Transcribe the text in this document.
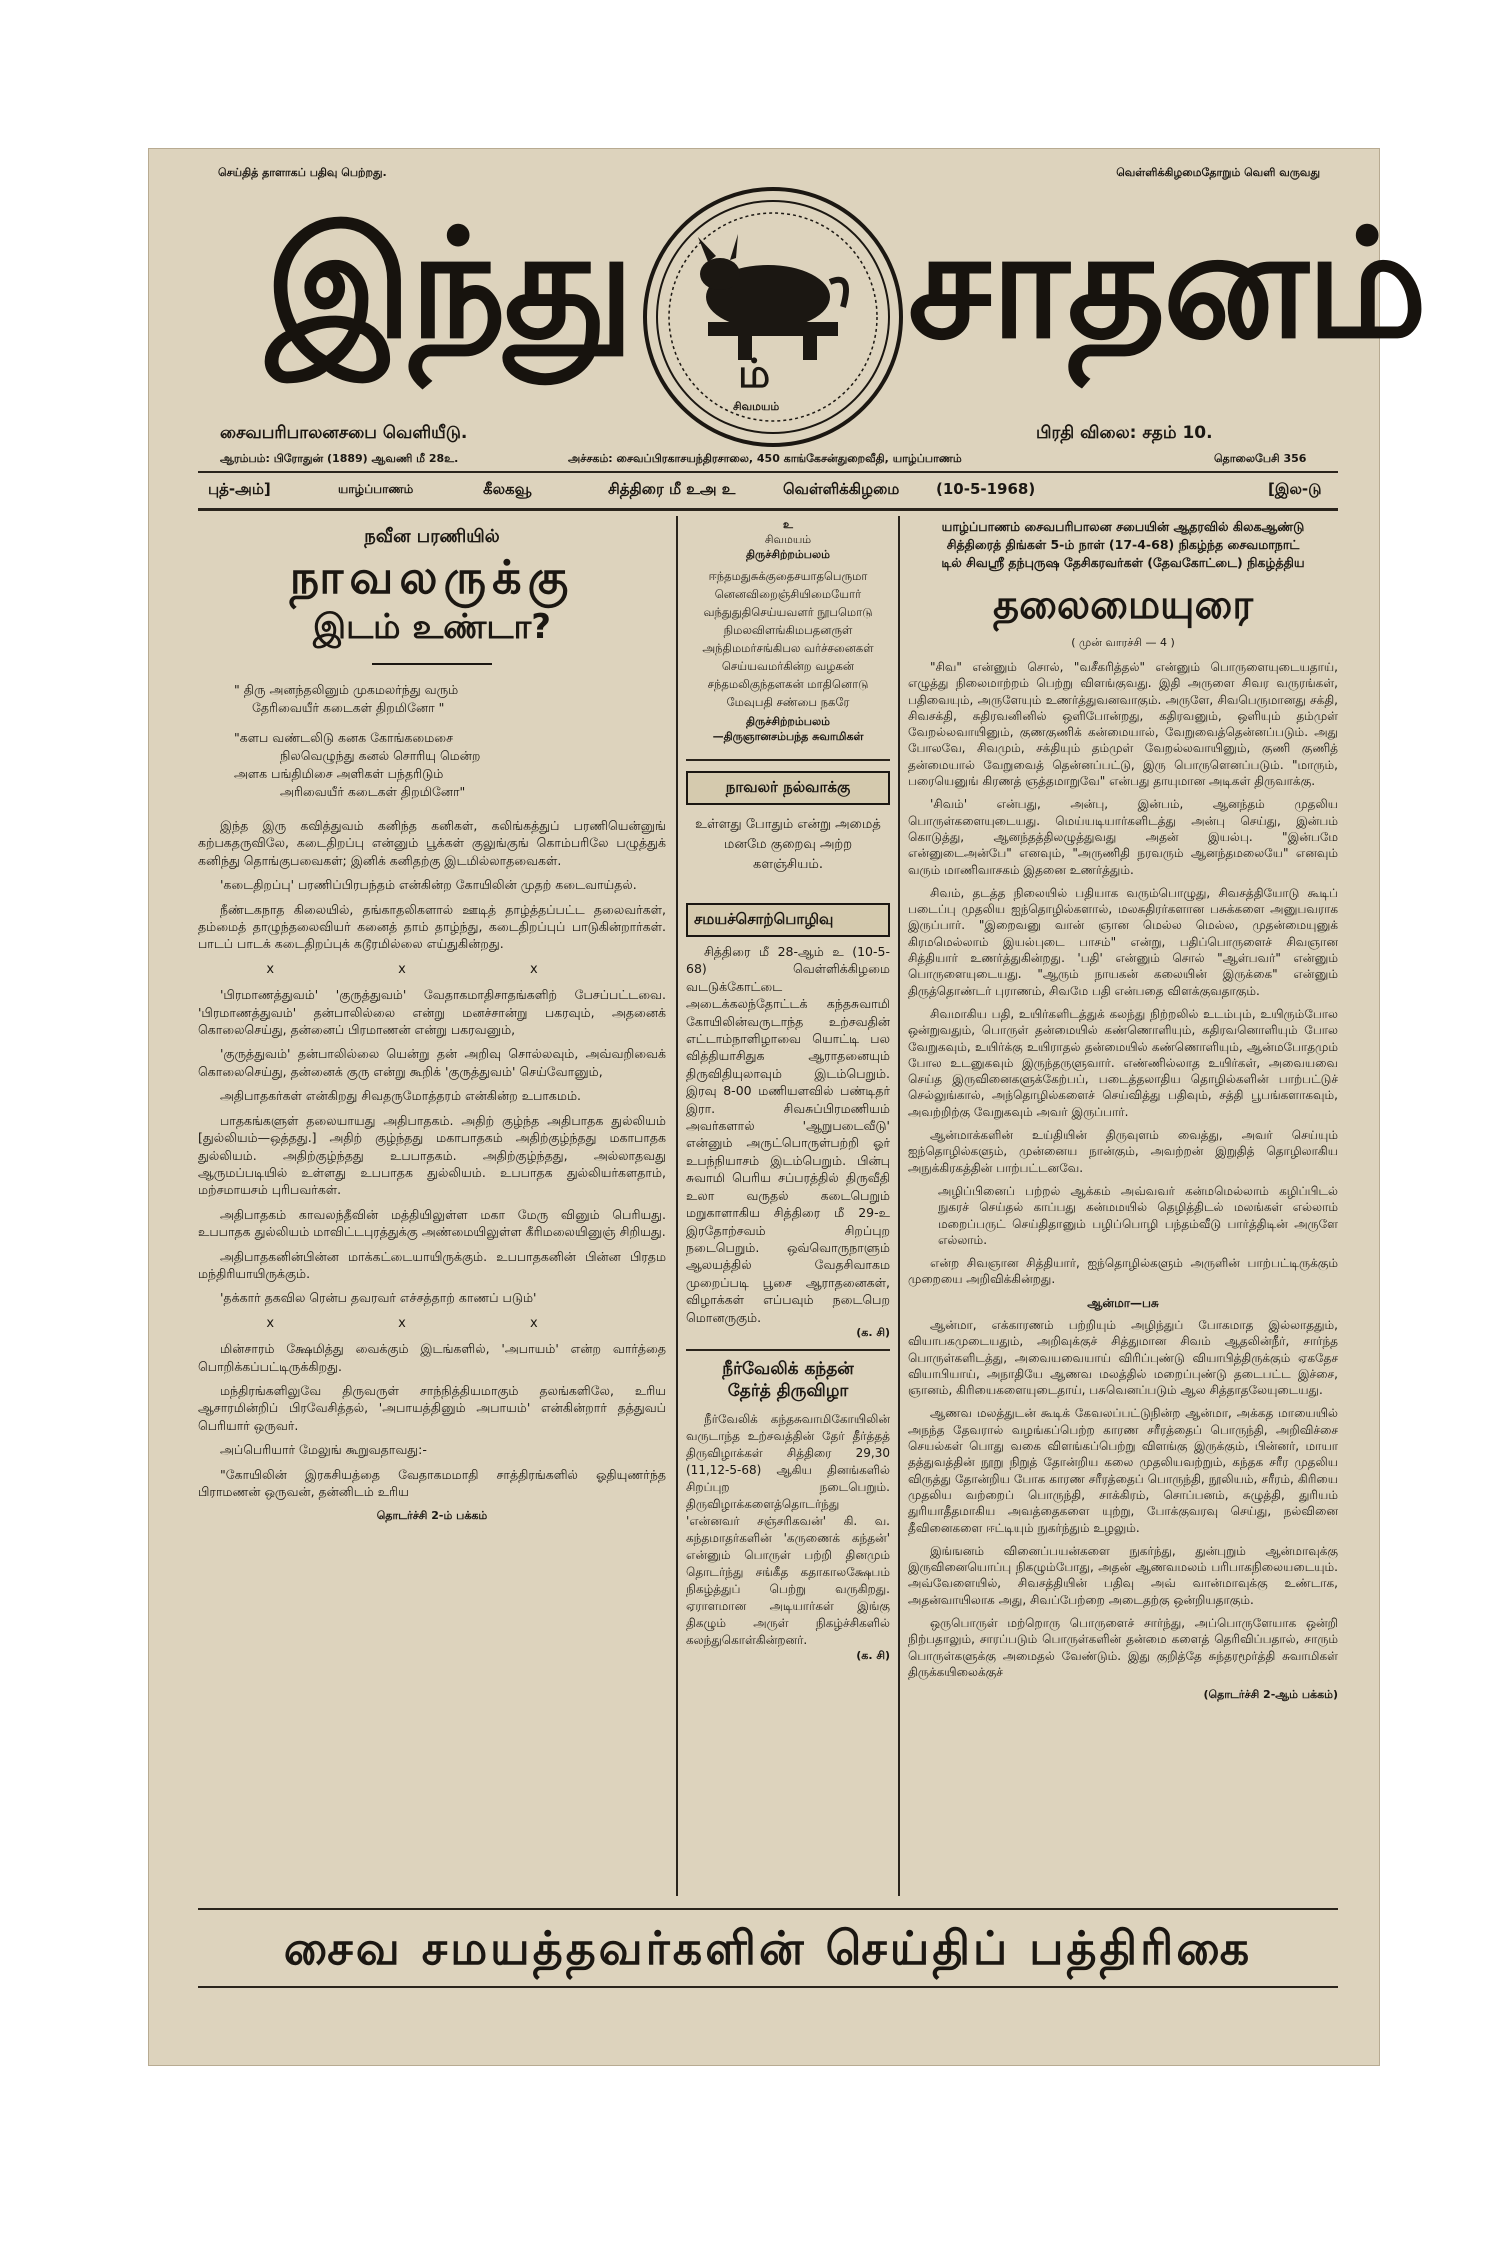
செய்தித் தாளாகப் பதிவு பெற்றது.	வெள்ளிக்கிழமைதோறும் வெளி வருவது
இந்து சாதனம்
ம்
சிவமயம்
சைவபரிபாலனசபை வெளியீடு.	பிரதி விலை: சதம் 10.
ஆரம்பம்: பிரோதுன் (1889) ஆவணி மீ 28உ.	அச்சகம்: சைவப்பிரகாசயந்திரசாலை, 450 காங்கேசன்துறைவீதி, யாழ்ப்பாணம்	தொலைபேசி 356
புத்-அம்]	யாழ்ப்பாணம்	கீலகவூ	சித்திரை மீ உஅ உ	வெள்ளிக்கிழமை (10-5-1968)	[இல-டு
நவீன பரணியில்
நாவலருக்கு
இடம் உண்டா?
" திரு அனந்தலினும் முகமலர்ந்து வரும்
தேரிவையீர் கடைகள் திறமினோ "
"களப வண்டலிடு கனக கோங்கமைசை
நிலவெழுந்து கனல் சொரியு மென்ற
அளக பங்திமிசை அளிகள் பந்தரிடும்
அரிவையீர் கடைகள் திறமினோ"

இந்த இரு கவித்துவம் கனிந்த கனிகள், கலிங்கத்துப் பரணியென்னுங் கற்பகதருவிலே, கடைதிறப்பு என்னும் பூக்கள் குலுங்குங் கொம்பரிலே பழுத்துக் கனிந்து தொங்குபவைகள்; இனிக் கனிதற்கு இடமில்லாதவைகள்.

'கடைதிறப்பு' பரணிப்பிரபந்தம் என்கின்ற கோயிலின் முதற் கடைவாய்தல்.

நீண்டகநாத கிலையில், தங்காதலிகளால் ஊடித் தாழ்த்தப்பட்ட தலைவர்கள், தம்மைத் தாழுந்தலைவியர் கனைத் தாம் தாழ்ந்து, கடைதிறப்புப் பாடுகின்றார்கள். பாடப் பாடக் கடைதிறப்புக் கடூரமில்லை எய்துகின்றது.

x x x

'பிரமாணத்துவம்' 'குருத்துவம்' வேதாகமாதிசாதங்களிற் பேசப்பட்டவை. 'பிரமாணத்துவம்' தன்பாலில்லை என்று மனச்சான்று பகரவும், அதனைக் கொலைசெய்து, தன்னைப் பிரமாணன் என்று பகரவனும்,

'குருத்துவம்' தன்பாலில்லை யென்று தன் அறிவு சொல்லவும், அவ்வறிவைக் கொலைசெய்து, தன்னைக் குரு என்று கூறிக் 'குருத்துவம்' செய்வோனும்,

அதிபாதகர்கள் என்கிறது சிவதருமோத்தரம் என்கின்ற உபாகமம்.

பாதகங்களுள் தலையாயது அதிபாதகம். அதிற் குழ்ந்த அதிபாதக துல்லியம் [துல்லியம்—ஒத்தது.] அதிற் குழ்ந்தது மகாபாதகம் அதிற்குழ்ந்தது மகாபாதக துல்லியம். அதிற்குழ்ந்தது உபபாதகம். அதிற்குழ்ந்தது, அல்லாதவது ஆருமப்படியில் உள்ளது உபபாதக துல்லியம். உபபாதக துல்லியர்களதாம், மற்சமாயசம் புரிபவர்கள்.

அதிபாதகம் காவலந்தீவின் மத்தியிலுள்ள மகா மேரு வினும் பெரியது. உபபாதக துல்லியம் மாவிட்டபுரத்துக்கு அண்மையிலுள்ள கீரிமலையினுஞ் சிறியது.

அதிபாதகனின்பின்ன மாக்கட்டையாயிருக்கும். உபபாதகனின் பின்ன பிரதம மந்திரியாயிருக்கும்.

'தக்கார் தகவில ரென்ப தவரவர் எச்சத்தாற் காணப் படும்'

x x x

மின்சாரம் க்ஷேமித்து வைக்கும் இடங்களில், 'அபாயம்' என்ற வார்த்தை பொறிக்கப்பட்டிருக்கிறது.

மந்திரங்களிலுவே திருவருள் சாந்நித்தியமாகும் தலங்களிலே, உரிய ஆசாரமின்றிப் பிரவேசித்தல், 'அபாயத்தினும் அபாயம்' என்கின்றார் தத்துவப் பெரியார் ஒருவர்.

அப்பெரியார் மேலுங் கூறுவதாவது:-

"கோயிலின் இரகசியத்தை வேதாகமமாதி சாத்திரங்களில் ஓதியுணர்ந்த பிராமணன் ஒருவன், தன்னிடம் உரிய

தொடர்ச்சி 2-ம் பக்கம்
உ
சிவமயம்
திருச்சிற்றம்பலம்
ஈந்தமதுசுக்குதைசயாதபெருமா
னெனவிறைஞ்சியிமையோர்
வந்துதுதிசெய்யவளர் நூபமொடு
நிமலவிளங்கிமபதனருள்
அந்திமமர்சங்கிபல வர்ச்சனைகள்
செய்யவமர்கின்ற வழகன்
சந்தமலிகுந்தளகன் மாதினொடு
மேவுபதி சண்பை நகரே
திருச்சிற்றம்பலம்
—திருஞானசம்பந்த சுவாமிகள்
நாவலர் நல்வாக்கு
உள்ளது போதும் என்று அமைத் மனமே குறைவு அற்ற களஞ்சியம்.
சமயச்சொற்பொழிவு
சித்திரை மீ 28-ஆம் உ (10-5-68) வெள்ளிக்கிழமை வடடுக்கோட்டை அடைக்கலந்தோட்டக் கந்தசுவாமி கோயிலின்வருடாந்த உற்சவதின் எட்டாம்நாளிழாவை யொட்டி பல வித்தியாசிதுக ஆராதனையும் திருவிதியுலாவும் இடம்பெறும். இரவு 8-00 மணியளவில் பண்டிதர் இரா. சிவசுப்பிரமணியம் அவர்களால் 'ஆறுபடைவீடு' என்னும் அருட்பொருள்பற்றி ஓர் உபந்நியாசம் இடம்பெறும். பின்பு சுவாமி பெரிய சப்பரத்தில் திருவீதி உலா வருதல் கடைபெறும் மறுகாளாகிய சித்திரை மீ 29-உ இரதோற்சவம் சிறப்புற நடைபெறும். ஒவ்வொருநாளும் ஆலயத்தில் வேதசிவாகம முறைப்படி பூசை ஆராதனைகள், விழாக்கள் எப்பவும் நடைபெற மொனருகும்.
(க. சி)
நீர்வேலிக் கந்தன்
தேர்த் திருவிழா
நீர்வேலிக் கந்தசுவாமிகோயிலின் வருடாந்த உற்சவத்தின் தேர் தீர்த்தத் திருவிழாக்கள் சித்திரை 29,30 (11,12-5-68) ஆகிய தினங்களில் சிறப்புற நடைபெறும். திருவிழாக்களைத்தொடர்ந்து 'என்னவர் சஞ்சரிகவன்' கி. வ. கந்தமாதர்களின் 'கருணைக் கந்தன்' என்னும் பொருள் பற்றி தினமும் தொடர்ந்து சங்கீத கதாகாலக்ஷேபம் நிகழ்த்துப் பெற்று வருகிறது. ஏராளமான அடியார்கள் இங்கு திகழும் அருள் நிகழ்ச்சிகளில் கலந்துகொள்கின்றனர்.
(க. சி)
யாழ்ப்பாணம் சைவபரிபாலன சபையின் ஆதரவில் கிலகஆண்டு
சித்திரைத் திங்கள் 5-ம் நாள் (17-4-68) நிகழ்ந்த சைவமாநாட்
டில் சிவஸ்ரீ தந்புருஷ தேசிகரவர்கள் (தேவகோட்டை) நிகழ்த்திய
தலைமையுரை
( முன் வாரச்சி — 4 )

"சிவ" என்னும் சொல், "வசீகரித்தல்" என்னும் பொருளையுடையதாய், எழுத்து நிலைமாற்றம் பெற்று விளங்குவது. இதி அருளை சிவர வருரங்கள், பதிவையும், அருளேயும் உணர்த்துவனவாகும். அருளே, சிவபெருமானது சக்தி, சிவசக்தி, சுதிரவனினில் ஒளிபோன்றது, கதிரவனும், ஒளியும் தம்முள் வேறல்லவாயினும், குணகுணிக் கன்மையால், வேறுவைத்தென்னப்படும். அது போலவே, சிவமும், சக்தியும் தம்முள் வேறல்லவாயினும், குணி குணித் தன்மையால் வேறுவைத் தென்னப்பட்டு, இரு பொருளெனப்படும். "மாரும், பரையெனுங் கிரணத் ஞத்தமாறுவே" என்பது தாயுமான அடிகள் திருவாக்கு.

'சிவம்' என்பது, அன்பு, இன்பம், ஆனந்தம் முதலிய பொருள்களையுடையது. மெய்யடியார்களிடத்து அன்பு செய்து, இன்பம் கொடுத்து, ஆனந்தத்திலழுத்துவது அதன் இயல்பு. "இன்பமே என்னுடைஅன்பே" எனவும், "அருணிதி நரவரும் ஆனந்தமலையே" எனவும் வரும் மாணிவாசகம் இதனை உணர்த்தும்.

சிவம், தடத்த நிலையில் பதியாக வரும்பொழுது, சிவசத்தியோடு கூடிப் படைப்பு முதலிய ஐந்தொழில்களால், மலசுதிரர்களான பசுக்களை அனுபவராக இருப்பார். "இறைவனு வான் ஞான மெல்ல மெல்ல, முதன்மையுனுக் கிரமமெல்லாம் இயல்புடை பாசம்" என்று, பதிப்பொருளைச் சிவஞான சித்தியார் உணர்த்துகின்றது. 'பதி' என்னும் சொல் "ஆள்பவர்" என்னும் பொருளையுடையது. "ஆரும் நாயகன் கலையின் இருக்கை" என்னும் திருத்தொண்டர் புராணம், சிவமே பதி என்பதை விளக்குவதாகும்.

சிவமாகிய பதி, உயிர்களிடத்துக் கலந்து நிற்றலில் உடம்பும், உயிரும்போல ஒன்றுவதும், பொருள் தன்மையில் கண்ணொளியும், கதிரவனொளியும் போல வேறுகவும், உயிர்க்கு உயிராதல் தன்மையில் கண்ணொளியும், ஆன்மபோதமும் போல உடனுகவும் இருந்தருளுவார். எண்ணில்லாத உயிர்கள், அவையவை செய்த இருவினைகளுக்கேற்பப், படைத்தலாதிய தொழில்களின் பாற்பட்டுச் செல்லுங்கால், அந்தொழில்களைச் செய்வித்து பதிவும், சத்தி பூபங்களாகவும், அவற்றிற்கு வேறுகவும் அவர் இருப்பார்.

ஆன்மாக்களின் உய்தியின் திருவுளம் வைத்து, அவர் செய்யும் ஐந்தொழில்களும், முன்னைய நான்கும், அவற்றன் இறுதித் தொழிலாகிய அநுக்கிரகத்தின் பாற்பட்டனவே.

அழிப்பினைப் பற்றல் ஆக்கம் அவ்வவர் கன்மமெல்லாம் கழிப்பிடல் நுகரச் செய்தல் காப்பது கன்மமயில் தெழித்திடல் மலங்கள் எல்லாம் மறைப்பருட் செய்திதானும் பழிப்பொழி பந்தம்வீடு பார்த்திடின் அருளே எல்லாம்.

என்ற சிவஞான சித்தியார், ஐந்தொழில்களும் அருளின் பாற்பட்டிருக்கும் முறையை அறிவிக்கின்றது.

ஆன்மா—பசு

ஆன்மா, எக்காரணம் பற்றியும் அழிந்துப் போகமாத இல்லாததும், வியாபகமுடையதும், அறிவுக்குச் சித்துமான சிவம் ஆதலின்நீர், சார்ந்த பொருள்களிடத்து, அவையவையாய் விரிப்புண்டு வியாபித்திருக்கும் ஏகதேச வியாபியாய், அநாதியே ஆணவ மலத்தில் மறைப்புண்டு தடைபட்ட இச்சை, ஞானம், கிரியைகளையுடைதாய், பசுவெனப்படும் ஆல சித்தாதலேயுடையது.

ஆணவ மலத்துடன் கூடிக் கேவலப்பட்டுநின்ற ஆன்மா, அக்கத மாயையில் அநந்த தேவரால் வழங்கப்பெற்ற காரண சரீரத்தைப் பொருந்தி, அறிவிச்சை செயல்கள் பொது வகை விளங்கப்பெற்று விளங்கு இருக்கும், பின்னர், மாயா தத்துவத்தின் நூறு நிறுத் தோன்றிய கலை முதலியவற்றும், கந்தக சரீர முதலிய விருத்து தோன்றிய போக காரண சரீரத்தைப் பொருந்தி, நூலியம், சரீரம், கிரியை முதலிய வற்றைப் பொருந்தி, சாக்கிரம், சொப்பனம், சுழுத்தி, துரியம் துரியாதீதமாகிய அவத்தைகளை யுற்று, போக்குவரவு செய்து, நல்வினை தீவினைகளை ஈட்டியும் நுகர்ந்தும் உழலும்.

இங்ஙனம் வினைப்பயன்களை நுகர்ந்து, துன்புறும் ஆன்மாவுக்கு இருவினையொப்பு நிகழும்போது, அதன் ஆணவமலம் பரிபாகநிலையடையும். அவ்வேளையில், சிவசத்தியின் பதிவு அவ் வான்மாவுக்கு உண்டாக, அதன்வாயிலாக அது, சிவப்பேற்றை அடைதற்கு ஒன்றியதாகும்.

ஒருபொருள் மற்றொரு பொருளைச் சார்ந்து, அப்பொருளேயாக ஒன்றி நிற்பதாலும், சாரப்படும் பொருள்களின் தன்மை களைத் தெரிவிப்பதால், சாரும் பொருள்களுக்கு அமைதல் வேண்டும். இது குறித்தே சுந்தரமூர்த்தி சுவாமிகள் திருக்கயிலைக்குச்

(தொடர்ச்சி 2-ஆம் பக்கம்)
சைவ சமயத்தவர்களின் செய்திப் பத்திரிகை
